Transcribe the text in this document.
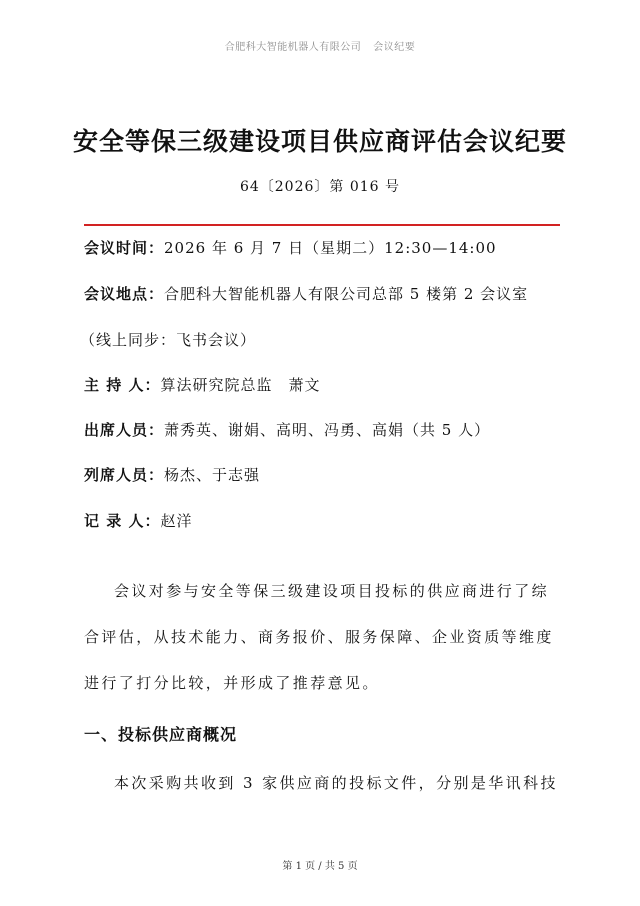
合肥科大智能机器人有限公司 会议纪要
安全等保三级建设项目供应商评估会议纪要
64〔2026〕第 016 号
会议时间：2026 年 6 月 7 日（星期二）12:30—14:00
会议地点：合肥科大智能机器人有限公司总部 5 楼第 2 会议室
（线上同步：飞书会议）
主 持 人：算法研究院总监　萧文
出席人员：萧秀英、谢娟、高明、冯勇、高娟（共 5 人）
列席人员：杨杰、于志强
记 录 人：赵洋
会议对参与安全等保三级建设项目投标的供应商进行了综
合评估，从技术能力、商务报价、服务保障、企业资质等维度
进行了打分比较，并形成了推荐意见。
一、投标供应商概况
本次采购共收到 3 家供应商的投标文件，分别是华讯科技
第 1 页 / 共 5 页
